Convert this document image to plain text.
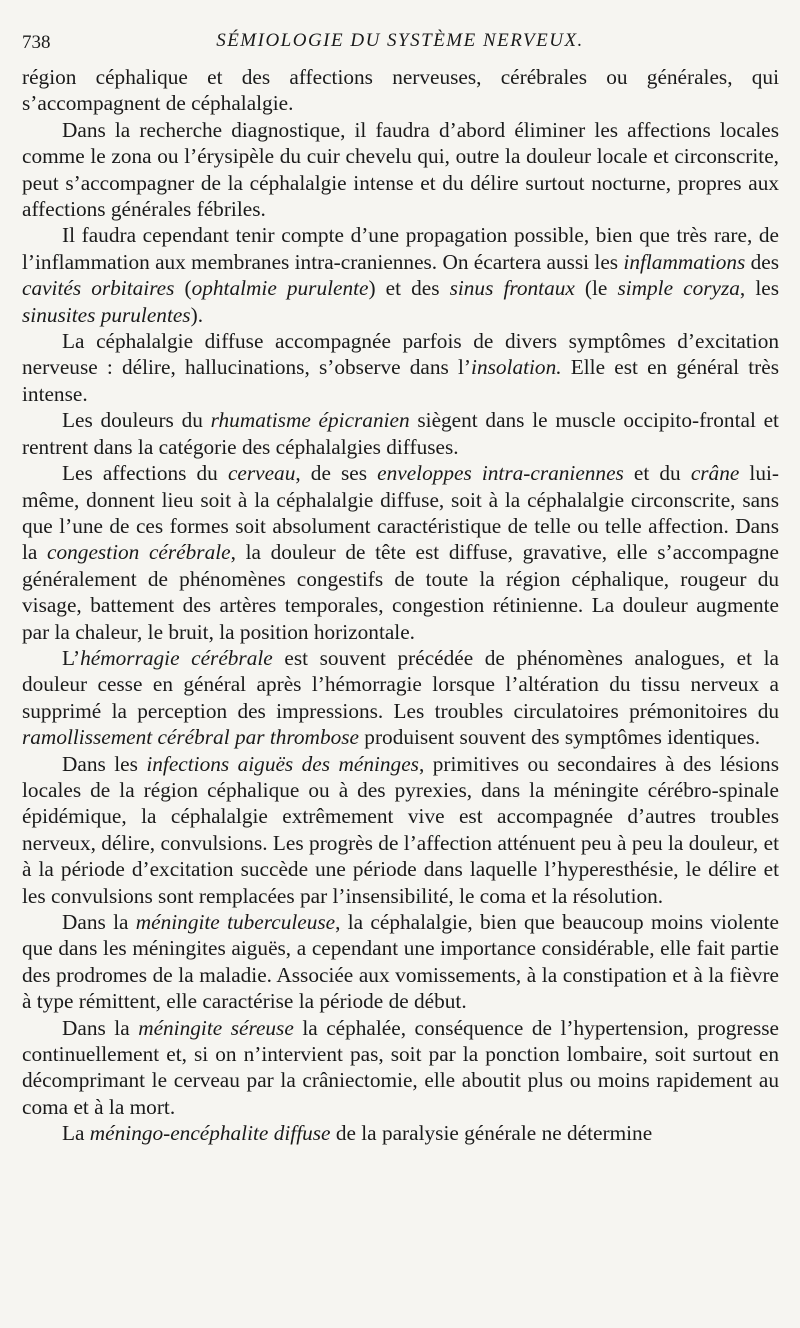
738	SÉMIOLOGIE DU SYSTÈME NERVEUX.

région céphalique et des affections nerveuses, cérébrales ou générales, qui s’accompagnent de céphalalgie.

Dans la recherche diagnostique, il faudra d’abord éliminer les affections locales comme le zona ou l’érysipèle du cuir chevelu qui, outre la douleur locale et circonscrite, peut s’accompagner de la céphalalgie intense et du délire surtout nocturne, propres aux affections générales fébriles.

Il faudra cependant tenir compte d’une propagation possible, bien que très rare, de l’inflammation aux membranes intra-craniennes. On écartera aussi les inflammations des cavités orbitaires (ophtalmie purulente) et des sinus frontaux (le simple coryza, les sinusites purulentes).

La céphalalgie diffuse accompagnée parfois de divers symptômes d’excitation nerveuse : délire, hallucinations, s’observe dans l’insolation. Elle est en général très intense.

Les douleurs du rhumatisme épicranien siègent dans le muscle occipito-frontal et rentrent dans la catégorie des céphalalgies diffuses.

Les affections du cerveau, de ses enveloppes intra-craniennes et du crâne lui-même, donnent lieu soit à la céphalalgie diffuse, soit à la céphalalgie circonscrite, sans que l’une de ces formes soit absolument caractéristique de telle ou telle affection. Dans la congestion cérébrale, la douleur de tête est diffuse, gravative, elle s’accompagne généralement de phénomènes congestifs de toute la région céphalique, rougeur du visage, battement des artères temporales, congestion rétinienne. La douleur augmente par la chaleur, le bruit, la position horizontale.

L’hémorragie cérébrale est souvent précédée de phénomènes analogues, et la douleur cesse en général après l’hémorragie lorsque l’altération du tissu nerveux a supprimé la perception des impressions. Les troubles circulatoires prémonitoires du ramollissement cérébral par thrombose produisent souvent des symptômes identiques.

Dans les infections aiguës des méninges, primitives ou secondaires à des lésions locales de la région céphalique ou à des pyrexies, dans la méningite cérébro-spinale épidémique, la céphalalgie extrêmement vive est accompagnée d’autres troubles nerveux, délire, convulsions. Les progrès de l’affection atténuent peu à peu la douleur, et à la période d’excitation succède une période dans laquelle l’hyperesthésie, le délire et les convulsions sont remplacées par l’insensibilité, le coma et la résolution.

Dans la méningite tuberculeuse, la céphalalgie, bien que beaucoup moins violente que dans les méningites aiguës, a cependant une importance considérable, elle fait partie des prodromes de la maladie. Associée aux vomissements, à la constipation et à la fièvre à type rémittent, elle caractérise la période de début.

Dans la méningite séreuse la céphalée, conséquence de l’hypertension, progresse continuellement et, si on n’intervient pas, soit par la ponction lombaire, soit surtout en décomprimant le cerveau par la crâniectomie, elle aboutit plus ou moins rapidement au coma et à la mort.

La méningo-encéphalite diffuse de la paralysie générale ne détermine
